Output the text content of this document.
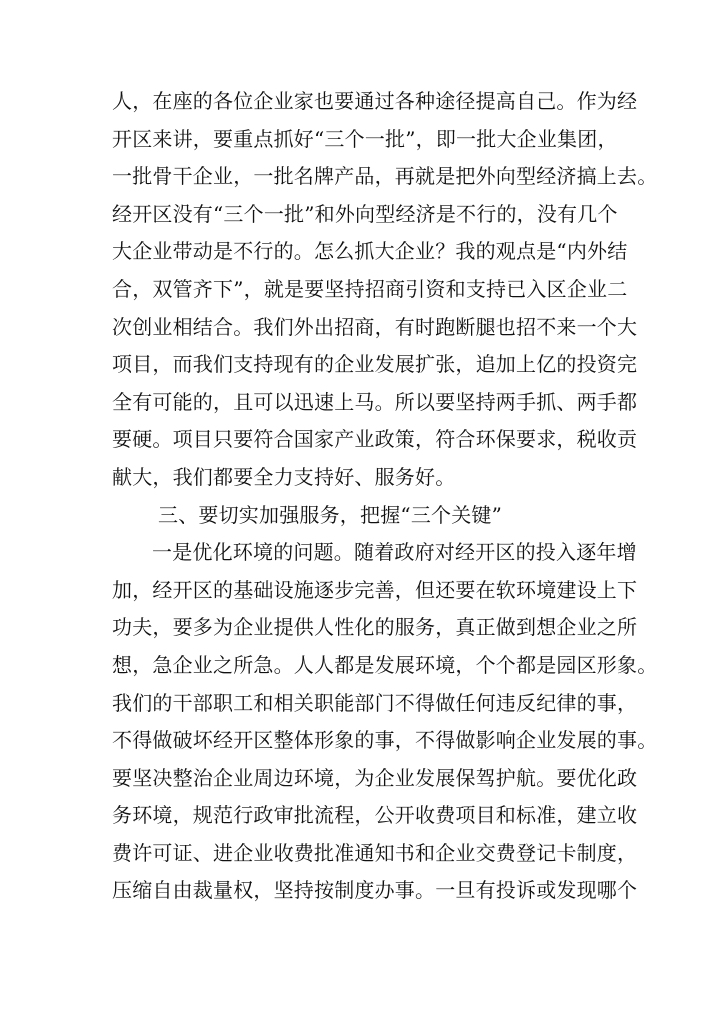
人，在座的各位企业家也要通过各种途径提高自己。作为经
开区来讲，要重点抓好“三个一批”，即一批大企业集团，
一批骨干企业，一批名牌产品，再就是把外向型经济搞上去。
经开区没有“三个一批”和外向型经济是不行的，没有几个
大企业带动是不行的。怎么抓大企业？我的观点是“内外结
合，双管齐下”，就是要坚持招商引资和支持已入区企业二
次创业相结合。我们外出招商，有时跑断腿也招不来一个大
项目，而我们支持现有的企业发展扩张，追加上亿的投资完
全有可能的，且可以迅速上马。所以要坚持两手抓、两手都
要硬。项目只要符合国家产业政策，符合环保要求，税收贡
献大，我们都要全力支持好、服务好。
三、要切实加强服务，把握“三个关键”
一是优化环境的问题。随着政府对经开区的投入逐年增
加，经开区的基础设施逐步完善，但还要在软环境建设上下
功夫，要多为企业提供人性化的服务，真正做到想企业之所
想，急企业之所急。人人都是发展环境，个个都是园区形象。
我们的干部职工和相关职能部门不得做任何违反纪律的事，
不得做破坏经开区整体形象的事，不得做影响企业发展的事。
要坚决整治企业周边环境，为企业发展保驾护航。要优化政
务环境，规范行政审批流程，公开收费项目和标准，建立收
费许可证、进企业收费批准通知书和企业交费登记卡制度，
压缩自由裁量权，坚持按制度办事。一旦有投诉或发现哪个
